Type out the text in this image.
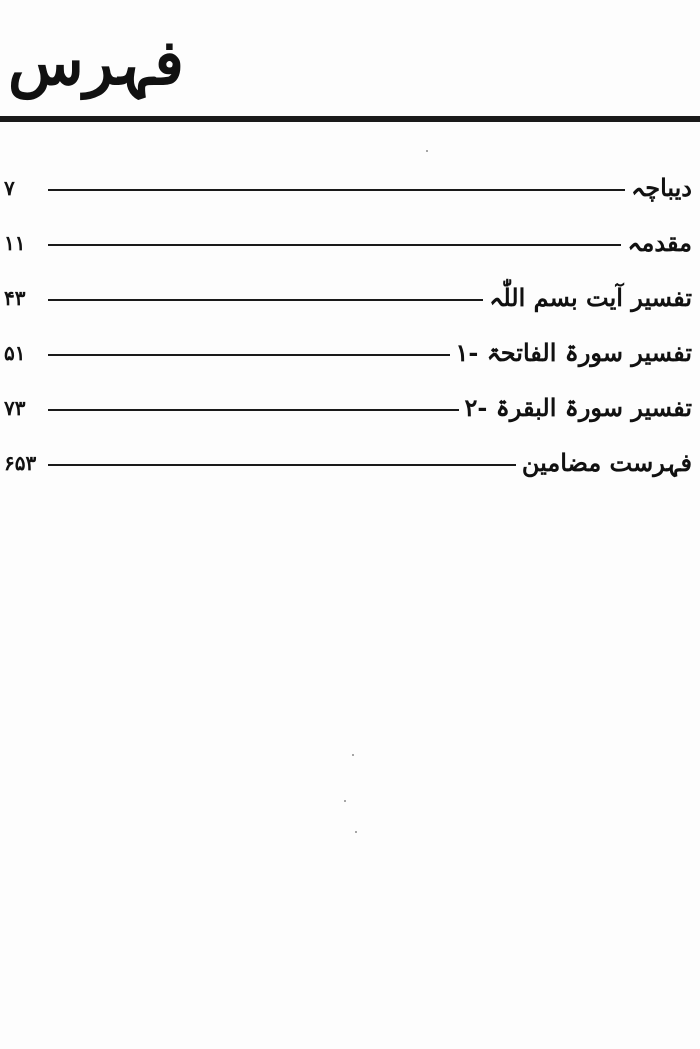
فہرس
دیباچہ
۷
مقدمہ
۱۱
تفسیر آیت بسم اللّٰہ
۴۳
تفسیر سورۃ الفاتحۃ -۱
۵۱
تفسیر سورۃ البقرۃ -۲
۷۳
فہرست مضامین
۶۵۳
